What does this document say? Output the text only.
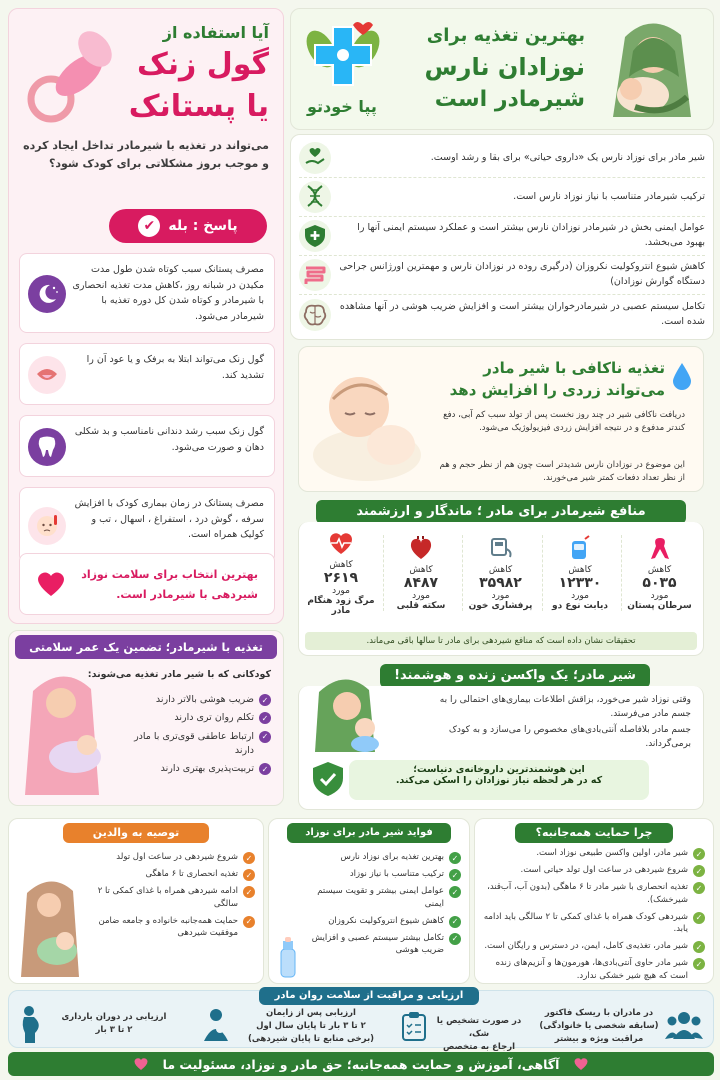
بهترین تغذیه برای
نوزادان نارس
شیرمادر است
پپا خودتو
شیر مادر برای نوزاد نارس یک «داروی حیاتی» برای بقا و رشد اوست.
ترکیب شیرمادر متناسب با نیاز نوزاد نارس است.
عوامل ایمنی بخش در شیرمادر نوزادان نارس بیشتر است و عملکرد سیستم ایمنی آنها را بهبود می‌بخشد.
کاهش شیوع انتروکولیت نکروزان (درگیری روده در نوزادان نارس و مهمترین اورژانس جراحی دستگاه گوارش نوزادان)
تکامل سیستم عصبی در شیرمادرخواران بیشتر است و افزایش ضریب هوشی در آنها مشاهده شده است.
تغذیه ناکافی با شیر مادر
می‌تواند زردی را افزایش دهد
دریافت ناکافی شیر در چند روز نخست پس از تولد سبب کم آبی، دفع کندتر مدفوع و در نتیجه افزایش زردی فیزیولوژیک می‌شود.
این موضوع در نوزادان نارس شدیدتر است چون هم از نظر حجم و هم از نظر تعداد دفعات کمتر شیر می‌خورند.
منافع شیرمادر برای مادر ؛ ماندگار و ارزشمند
کاهش
۵۰۳۵
مورد
سرطان پستان
کاهش
۱۲۳۳۰
مورد
دیابت نوع دو
کاهش
۳۵۹۸۲
مورد
پرفشاری خون
کاهش
۸۴۸۷
مورد
سکته قلبی
کاهش
۲۶۱۹
مورد
مرگ زود هنگام مادر
تحقیقات نشان داده است که منافع شیردهی برای مادر تا سالها باقی می‌ماند.
شیر مادر؛ یک واکسن زنده و هوشمند!
وقتی نوزاد شیر می‌خورد، بزاقش اطلاعات بیماری‌های احتمالی را به جسم مادر می‌فرستد.
جسم مادر بلافاصله آنتی‌بادی‌های مخصوص را می‌سازد و به کودک برمی‌گرداند.
این هوشمندترین داروخانه‌ی دنیاست؛
که در هر لحظه نیاز نوزادان را اسکن می‌کند.
آیا استفاده از
گول زنک
یا پستانک
می‌تواند در تغذیه با شیرمادر تداخل ایجاد کرده و موجب بروز مشکلاتی برای کودک شود؟
پاسخ : بله
✔
مصرف پستانک سبب کوتاه شدن طول مدت مکیدن در شبانه روز ،کاهش مدت تغذیه انحصاری با شیرمادر و کوتاه شدن کل دوره تغذیه با شیرمادر می‌شود.
گول زنک می‌تواند ابتلا به برفک و یا عود آن را تشدید کند.
گول زنک سبب رشد دندانی نامناسب و بد شکلی دهان و صورت می‌شود.
مصرف پستانک در زمان بیماری کودک با افزایش سرفه ، گوش درد ، استفراغ ، اسهال ، تب و کولیک همراه است.
بهترین انتخاب برای سلامت نوزاد
شیردهی با شیرمادر است.
تغذیه با شیرمادر؛ تضمین یک عمر سلامتی
کودکانی که با شیر مادر تغذیه می‌شوند:
✓
ضریب هوشی بالاتر دارند
✓
تکلم روان تری دارند
✓
ارتباط عاطفی قوی‌تری با مادر دارند
✓
تربیت‌پذیری بهتری دارند
چرا حمایت همه‌جانبه؟
✓
شیر مادر، اولین واکسن طبیعی نوزاد است.
✓
شروع شیردهی در ساعت اول تولد حیاتی است.
✓
تغذیه انحصاری با شیر مادر تا ۶ ماهگی (بدون آب، آب‌قند، شیرخشک).
✓
شیردهی کودک همراه با غذای کمکی تا ۲ سالگی باید ادامه یابد.
✓
شیر مادر، تغذیه‌ی کامل، ایمن، در دسترس و رایگان است.
✓
شیر مادر حاوی آنتی‌بادی‌ها، هورمون‌ها و آنزیم‌های زنده است که هیچ شیر خشکی ندارد.
فواید شیر مادر برای نوزاد
✓
بهترین تغذیه برای نوزاد نارس
✓
ترکیب متناسب با نیاز نوزاد
✓
عوامل ایمنی بیشتر و تقویت سیستم ایمنی
✓
کاهش شیوع انتروکولیت نکروزان
✓
تکامل بیشتر سیستم عصبی و افزایش ضریب هوشی
توصیه به والدین
✓
شروع شیردهی در ساعت اول تولد
✓
تغذیه انحصاری تا ۶ ماهگی
✓
ادامه شیردهی همراه با غذای کمکی تا ۲ سالگی
✓
حمایت همه‌جانبه خانواده و جامعه ضامن موفقیت شیردهی
ارزیابی و مراقبت از سلامت روان مادر
در مادران با ریسک فاکتور
(سابقه شخصی یا خانوادگی)
مراقبت ویژه و بیشتر
در صورت تشخیص یا شک،
ارجاع به متخصص
ارزیابی پس از زایمان
۲ تا ۳ بار تا پایان سال اول
(برخی منابع تا پایان شیردهی)
ارزیابی در دوران بارداری
۲ تا ۳ بار
آگاهی، آموزش و حمایت همه‌جانبه؛ حق مادر و نوزاد، مسئولیت ما
